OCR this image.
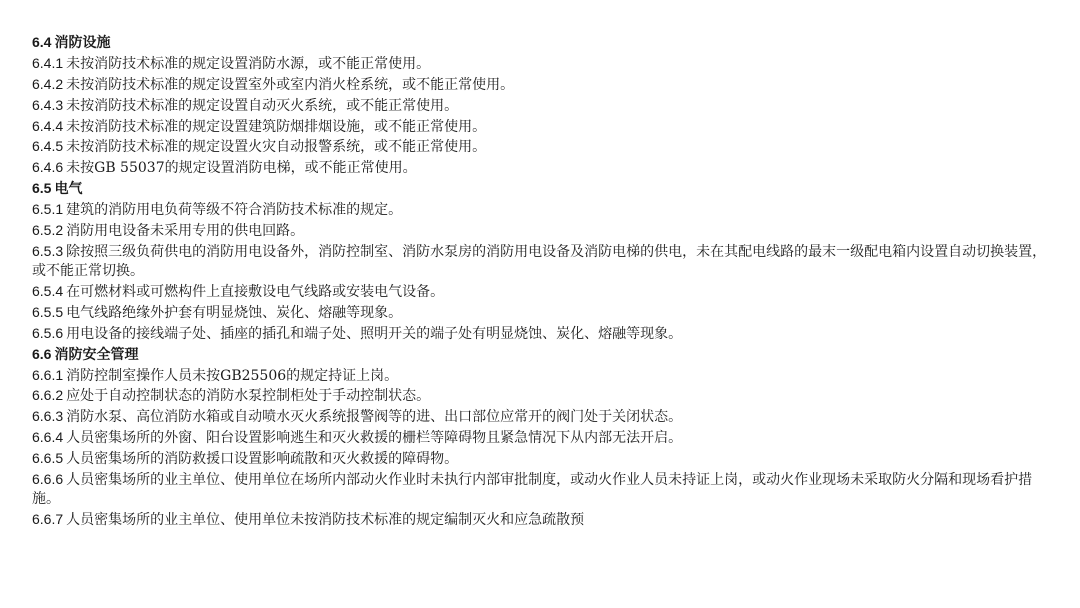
6.4 消防设施

6.4.1 未按消防技术标准的规定设置消防水源，或不能正常使用。

6.4.2 未按消防技术标准的规定设置室外或室内消火栓系统，或不能正常使用。

6.4.3 未按消防技术标准的规定设置自动灭火系统，或不能正常使用。

6.4.4 未按消防技术标准的规定设置建筑防烟排烟设施，或不能正常使用。

6.4.5 未按消防技术标准的规定设置火灾自动报警系统，或不能正常使用。

6.4.6 未按GB 55037的规定设置消防电梯，或不能正常使用。

6.5 电气

6.5.1 建筑的消防用电负荷等级不符合消防技术标准的规定。

6.5.2 消防用电设备未采用专用的供电回路。

6.5.3 除按照三级负荷供电的消防用电设备外，消防控制室、消防水泵房的消防用电设备及消防电梯的供电，未在其配电线路的最末一级配电箱内设置自动切换装置，或不能正常切换。

6.5.4 在可燃材料或可燃构件上直接敷设电气线路或安装电气设备。

6.5.5 电气线路绝缘外护套有明显烧蚀、炭化、熔融等现象。

6.5.6 用电设备的接线端子处、插座的插孔和端子处、照明开关的端子处有明显烧蚀、炭化、熔融等现象。

6.6 消防安全管理

6.6.1 消防控制室操作人员未按GB25506的规定持证上岗。

6.6.2 应处于自动控制状态的消防水泵控制柜处于手动控制状态。

6.6.3 消防水泵、高位消防水箱或自动喷水灭火系统报警阀等的进、出口部位应常开的阀门处于关闭状态。

6.6.4 人员密集场所的外窗、阳台设置影响逃生和灭火救援的栅栏等障碍物且紧急情况下从内部无法开启。

6.6.5 人员密集场所的消防救援口设置影响疏散和灭火救援的障碍物。

6.6.6 人员密集场所的业主单位、使用单位在场所内部动火作业时未执行内部审批制度，或动火作业人员未持证上岗，或动火作业现场未采取防火分隔和现场看护措施。

6.6.7 人员密集场所的业主单位、使用单位未按消防技术标准的规定编制灭火和应急疏散预
